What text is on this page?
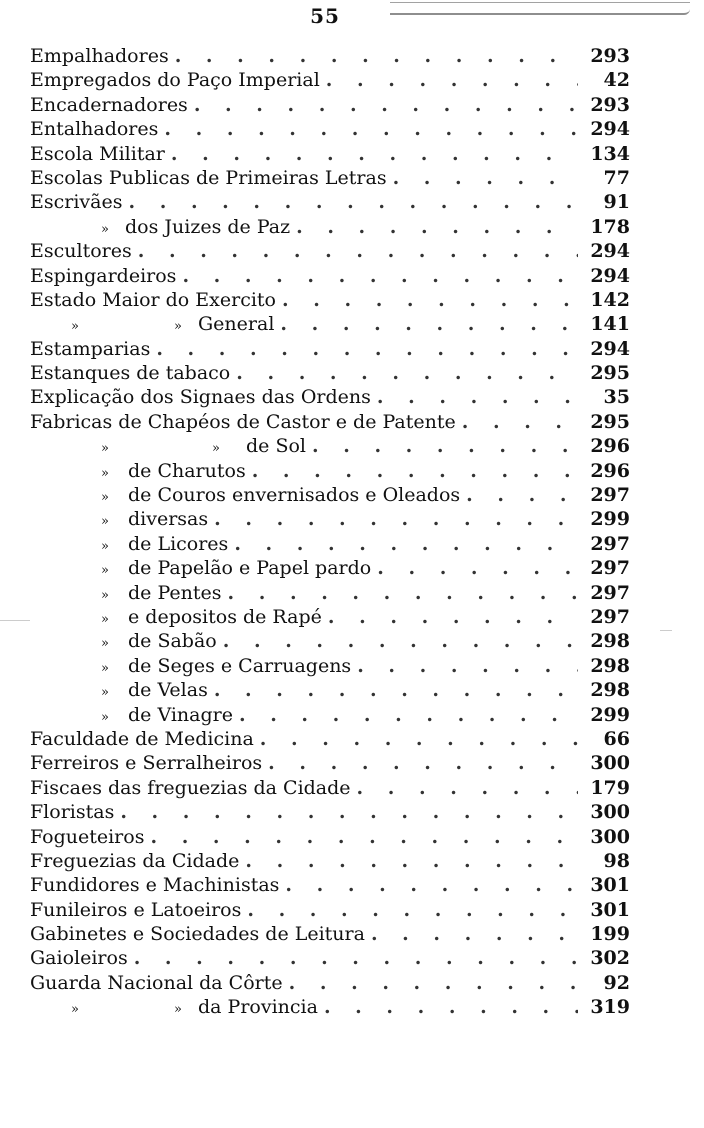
55
Empalhadores . . .	293
Empregados do Paço Imperial . . .	42
Encadernadores . . .	293
Entalhadores . . .	294
Escola Militar . . .	134
Escolas Publicas de Primeiras Letras . . .	77
Escrivães . . .	91
» dos Juizes de Paz . . .	178
Escultores . . .	294
Espingardeiros . . .	294
Estado Maior do Exercito . . .	142
»	» General . . .	141
Estamparias . . .	294
Estanques de tabaco . . .	295
Explicação dos Signaes das Ordens . . .	35
Fabricas de Chapéos de Castor e de Patente . . .	295
»	»	de Sol . . .	296
»	de Charutos . . .	296
»	de Couros envernisados e Oleados . . .	297
»	diversas . . .	299
»	de Licores . . .	297
»	de Papelão e Papel pardo . . .	297
»	de Pentes . . .	297
»	e depositos de Rapé . . .	297
»	de Sabão . . .	298
»	de Seges e Carruagens . . .	298
»	de Velas . . .	298
»	de Vinagre . . .	299
Faculdade de Medicina . . .	66
Ferreiros e Serralheiros . . .	300
Fiscaes das freguezias da Cidade . . .	179
Floristas . . .	300
Fogueteiros . . .	300
Freguezias da Cidade . . .	98
Fundidores e Machinistas . . .	301
Funileiros e Latoeiros . . .	301
Gabinetes e Sociedades de Leitura . . .	199
Gaioleiros . . .	302
Guarda Nacional da Côrte . . .	92
»	» da Provincia . . .	319
